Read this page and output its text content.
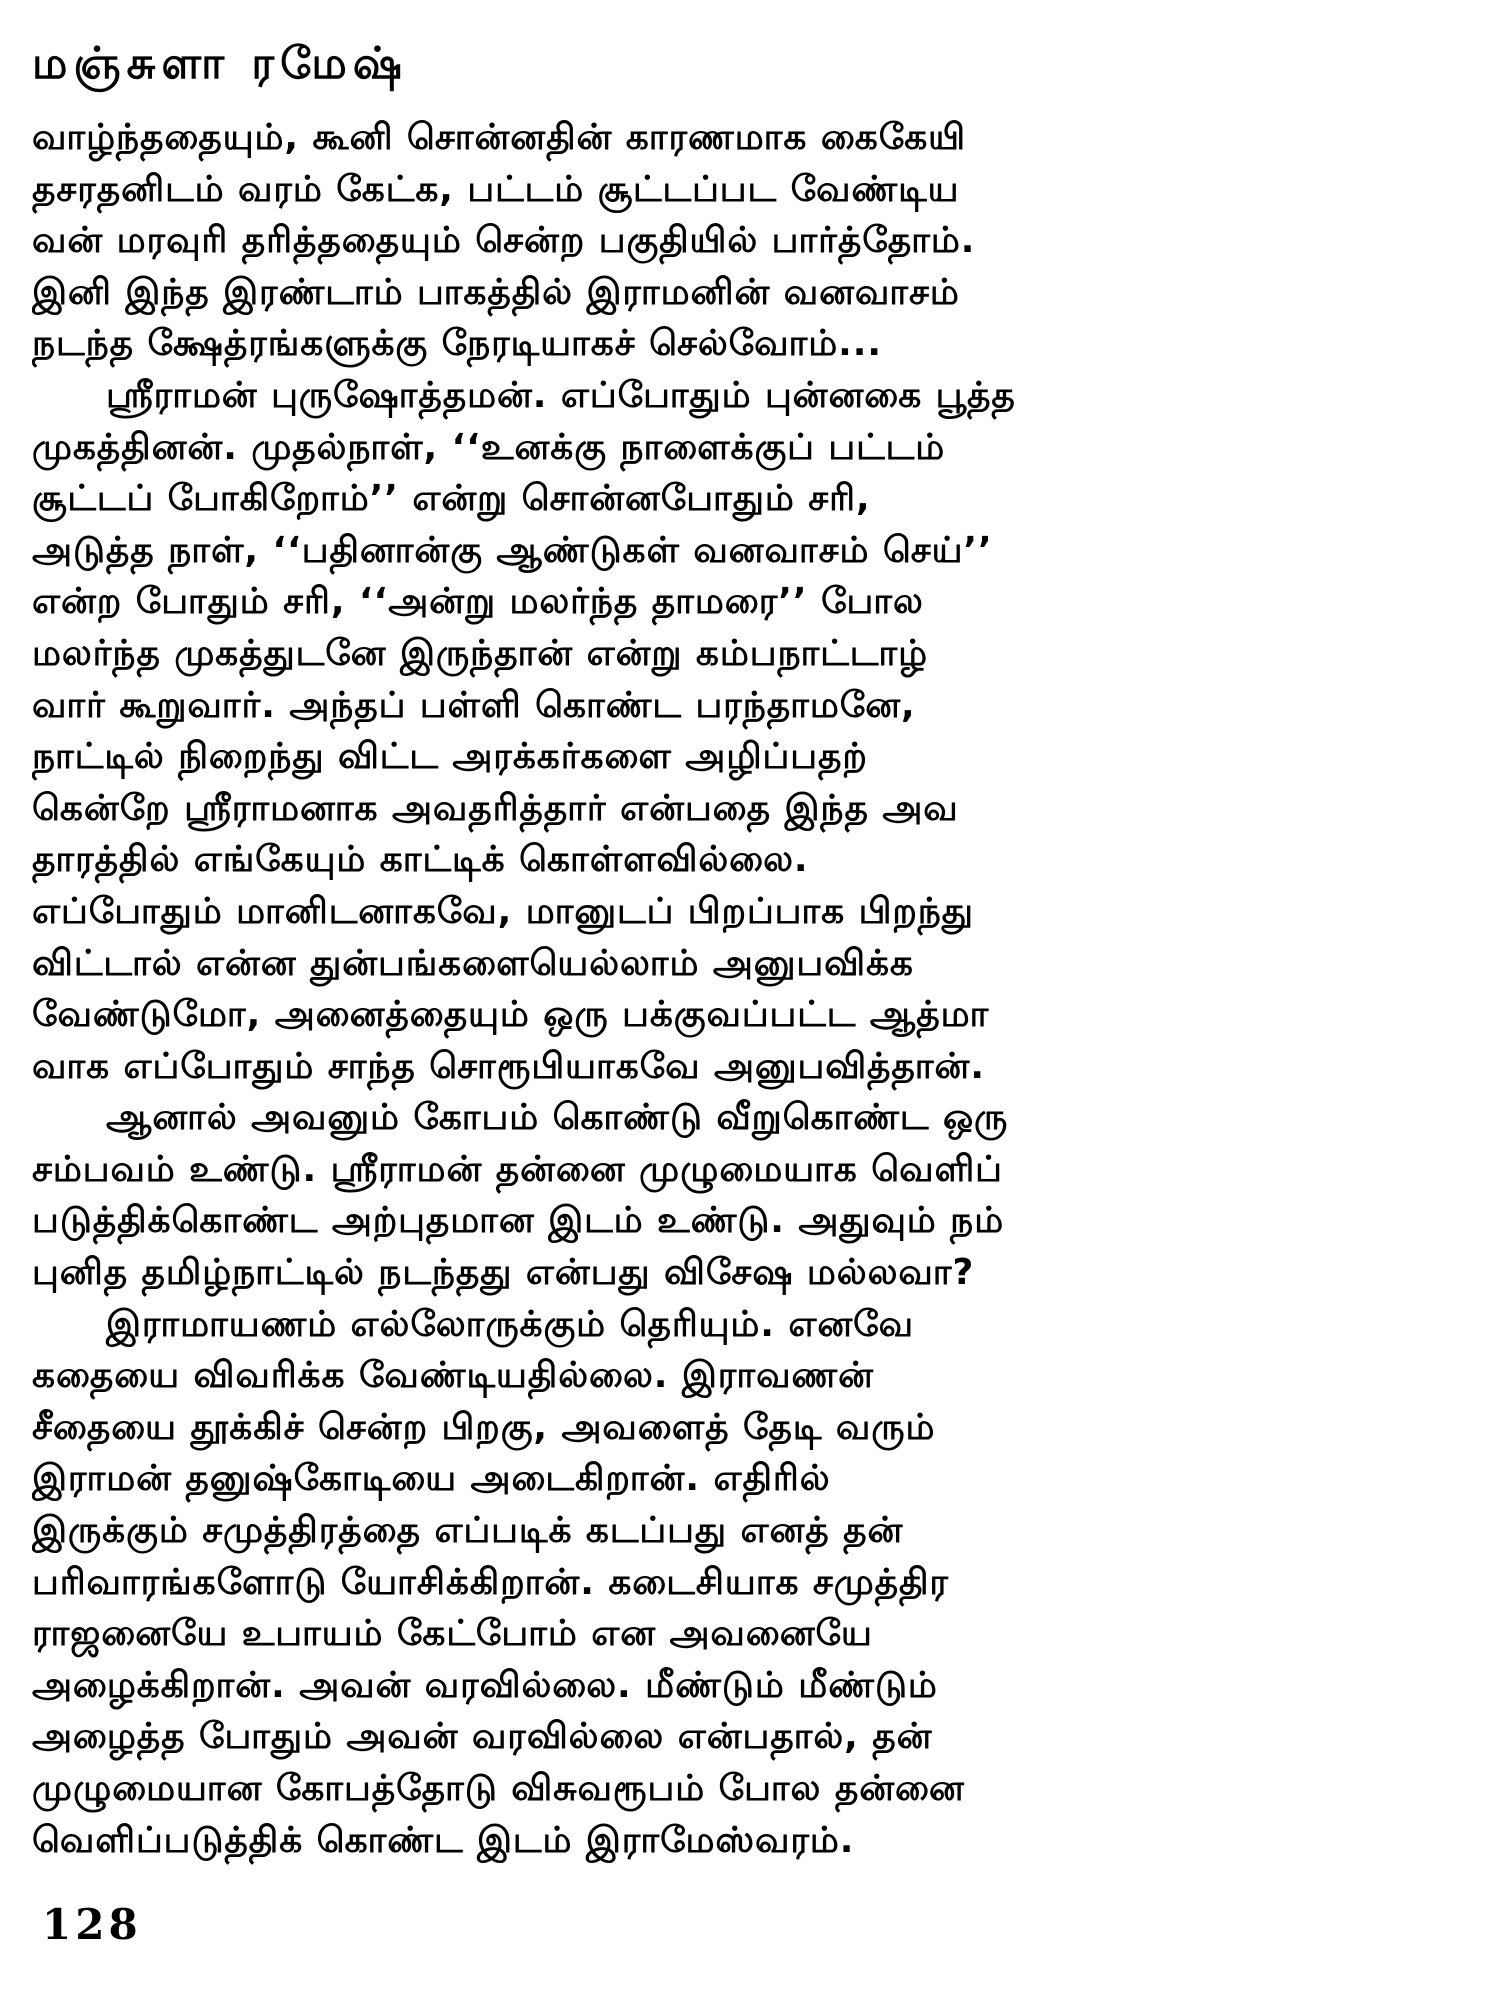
மஞ்சுளா ரமேஷ்
வாழ்ந்ததையும், கூனி சொன்னதின் காரணமாக கைகேயி
தசரதனிடம் வரம் கேட்க, பட்டம் சூட்டப்பட வேண்டிய
வன் மரவுரி தரித்ததையும் சென்ற பகுதியில் பார்த்தோம்.
இனி இந்த இரண்டாம் பாகத்தில் இராமனின் வனவாசம்
நடந்த க்ஷேத்ரங்களுக்கு நேரடியாகச் செல்வோம்...
ஸ்ரீராமன் புருஷோத்தமன். எப்போதும் புன்னகை பூத்த
முகத்தினன். முதல்நாள், ‘‘உனக்கு நாளைக்குப் பட்டம்
சூட்டப் போகிறோம்’’ என்று சொன்னபோதும் சரி,
அடுத்த நாள், ‘‘பதினான்கு ஆண்டுகள் வனவாசம் செய்’’
என்ற போதும் சரி, ‘‘அன்று மலர்ந்த தாமரை’’ போல
மலர்ந்த முகத்துடனே இருந்தான் என்று கம்பநாட்டாழ்
வார் கூறுவார். அந்தப் பள்ளி கொண்ட பரந்தாமனே,
நாட்டில் நிறைந்து விட்ட அரக்கர்களை அழிப்பதற்
கென்றே ஸ்ரீராமனாக அவதரித்தார் என்பதை இந்த அவ
தாரத்தில் எங்கேயும் காட்டிக் கொள்ளவில்லை.
எப்போதும் மானிடனாகவே, மானுடப் பிறப்பாக பிறந்து
விட்டால் என்ன துன்பங்களையெல்லாம் அனுபவிக்க
வேண்டுமோ, அனைத்தையும் ஒரு பக்குவப்பட்ட ஆத்மா
வாக எப்போதும் சாந்த சொரூபியாகவே அனுபவித்தான்.
ஆனால் அவனும் கோபம் கொண்டு வீறுகொண்ட ஒரு
சம்பவம் உண்டு. ஸ்ரீராமன் தன்னை முழுமையாக வெளிப்
படுத்திக்கொண்ட அற்புதமான இடம் உண்டு. அதுவும் நம்
புனித தமிழ்நாட்டில் நடந்தது என்பது விசேஷ மல்லவா?
இராமாயணம் எல்லோருக்கும் தெரியும். எனவே
கதையை விவரிக்க வேண்டியதில்லை. இராவணன்
சீதையை தூக்கிச் சென்ற பிறகு, அவளைத் தேடி வரும்
இராமன் தனுஷ்கோடியை அடைகிறான். எதிரில்
இருக்கும் சமுத்திரத்தை எப்படிக் கடப்பது எனத் தன்
பரிவாரங்களோடு யோசிக்கிறான். கடைசியாக சமுத்திர
ராஜனையே உபாயம் கேட்போம் என அவனையே
அழைக்கிறான். அவன் வரவில்லை. மீண்டும் மீண்டும்
அழைத்த போதும் அவன் வரவில்லை என்பதால், தன்
முழுமையான கோபத்தோடு விசுவரூபம் போல தன்னை
வெளிப்படுத்திக் கொண்ட இடம் இராமேஸ்வரம்.
128
